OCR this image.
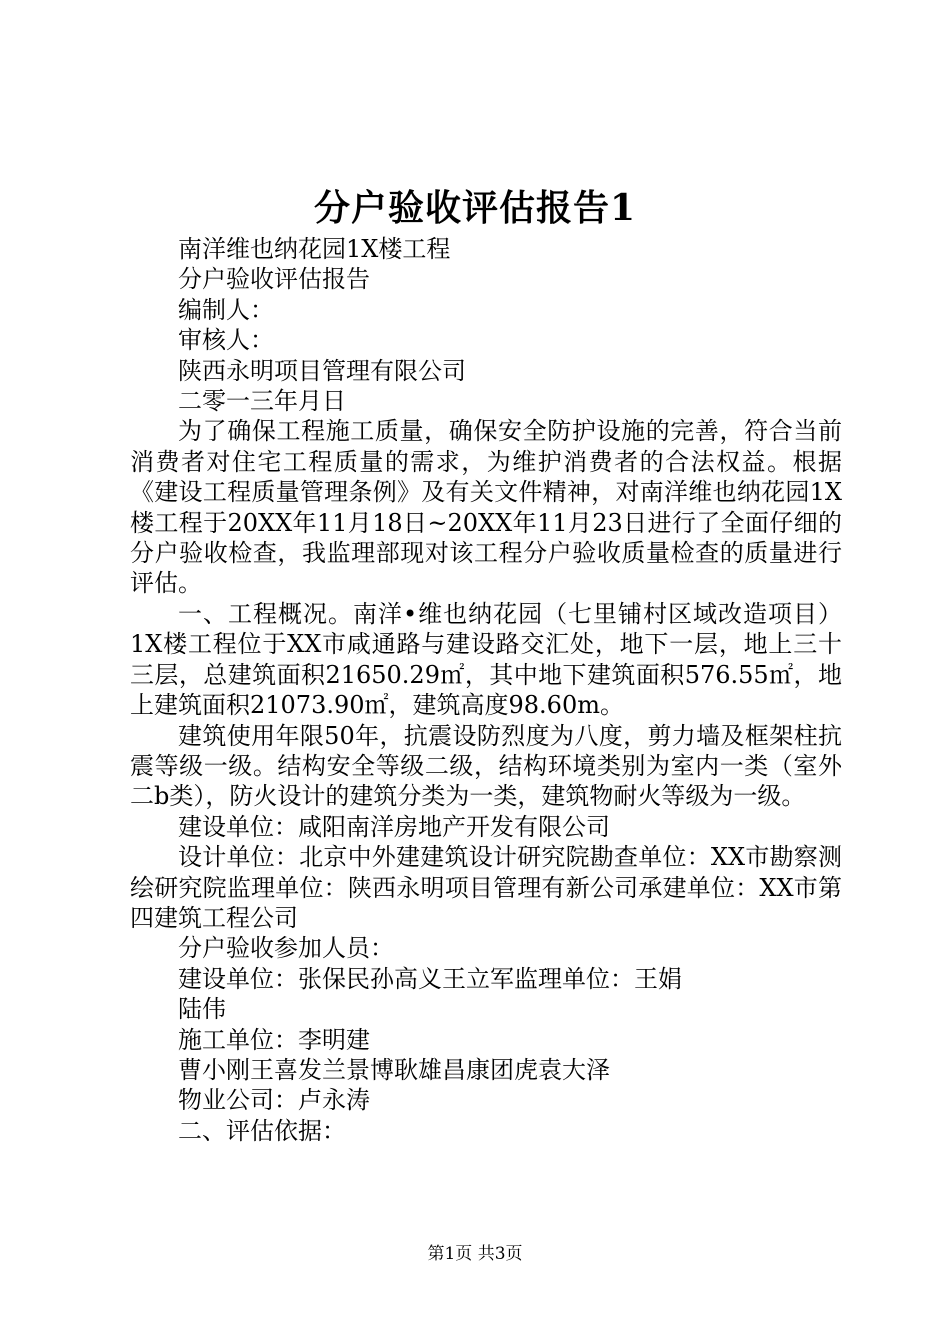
分户验收评估报告1

南洋维也纳花园1X楼工程

分户验收评估报告

编制人：

审核人：

陕西永明项目管理有限公司

二零一三年月日

为了确保工程施工质量，确保安全防护设施的完善，符合当前消费者对住宅工程质量的需求，为维护消费者的合法权益。根据《建设工程质量管理条例》及有关文件精神，对南洋维也纳花园1X楼工程于20XX年11月18日~20XX年11月23日进行了全面仔细的分户验收检查，我监理部现对该工程分户验收质量检查的质量进行评估。

一、工程概况。南洋•维也纳花园（七里铺村区域改造项目）1X楼工程位于XX市咸通路与建设路交汇处，地下一层，地上三十三层，总建筑面积21650.29㎡，其中地下建筑面积576.55㎡，地上建筑面积21073.90㎡，建筑高度98.60m。

建筑使用年限50年，抗震设防烈度为八度，剪力墙及框架柱抗震等级一级。结构安全等级二级，结构环境类别为室内一类（室外二b类），防火设计的建筑分类为一类，建筑物耐火等级为一级。

建设单位：咸阳南洋房地产开发有限公司

设计单位：北京中外建建筑设计研究院勘查单位：XX市勘察测绘研究院监理单位：陕西永明项目管理有新公司承建单位：XX市第四建筑工程公司

分户验收参加人员：

建设单位：张保民孙高义王立军监理单位：王娟

陆伟

施工单位：李明建

曹小刚王喜发兰景博耿雄昌康团虎袁大泽

物业公司：卢永涛

二、评估依据：

第1页 共3页
